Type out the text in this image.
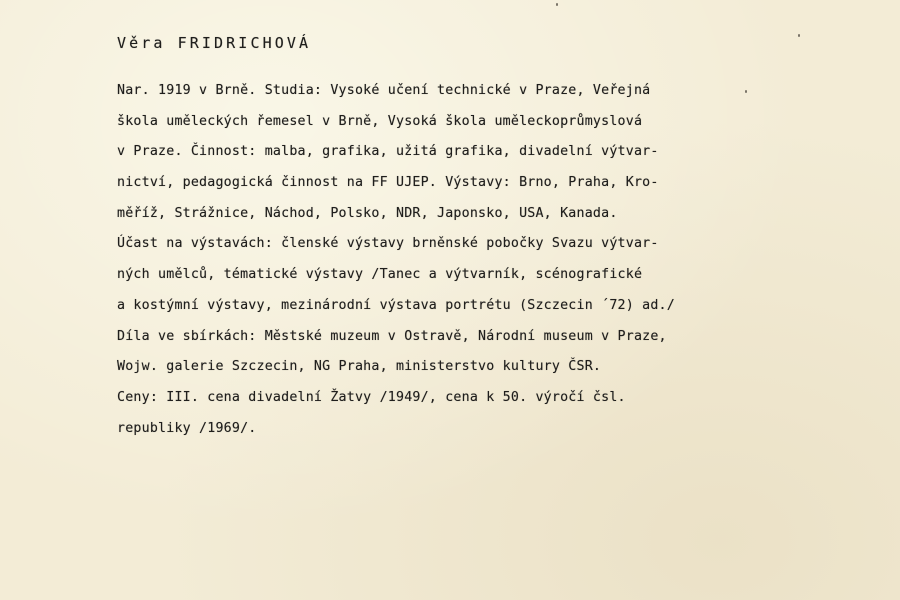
Věra FRIDRICHOVÁ
Nar. 1919 v Brně. Studia: Vysoké učení technické v Praze, Veřejná
škola uměleckých řemesel v Brně, Vysoká škola uměleckoprůmyslová
v Praze. Činnost: malba, grafika, užitá grafika, divadelní výtvar-
nictví, pedagogická činnost na FF UJEP. Výstavy: Brno, Praha, Kro-
měříž, Strážnice, Náchod, Polsko, NDR, Japonsko, USA, Kanada.
Účast na výstavách: členské výstavy brněnské pobočky Svazu výtvar-
ných umělců, tématické výstavy /Tanec a výtvarník, scénografické
a kostýmní výstavy, mezinárodní výstava portrétu (Szczecin ´72) ad./
Díla ve sbírkách: Městské muzeum v Ostravě, Národní museum v Praze,
Wojw. galerie Szczecin, NG Praha, ministerstvo kultury ČSR.
Ceny: III. cena divadelní Žatvy /1949/, cena k 50. výročí čsl.
republiky /1969/.
